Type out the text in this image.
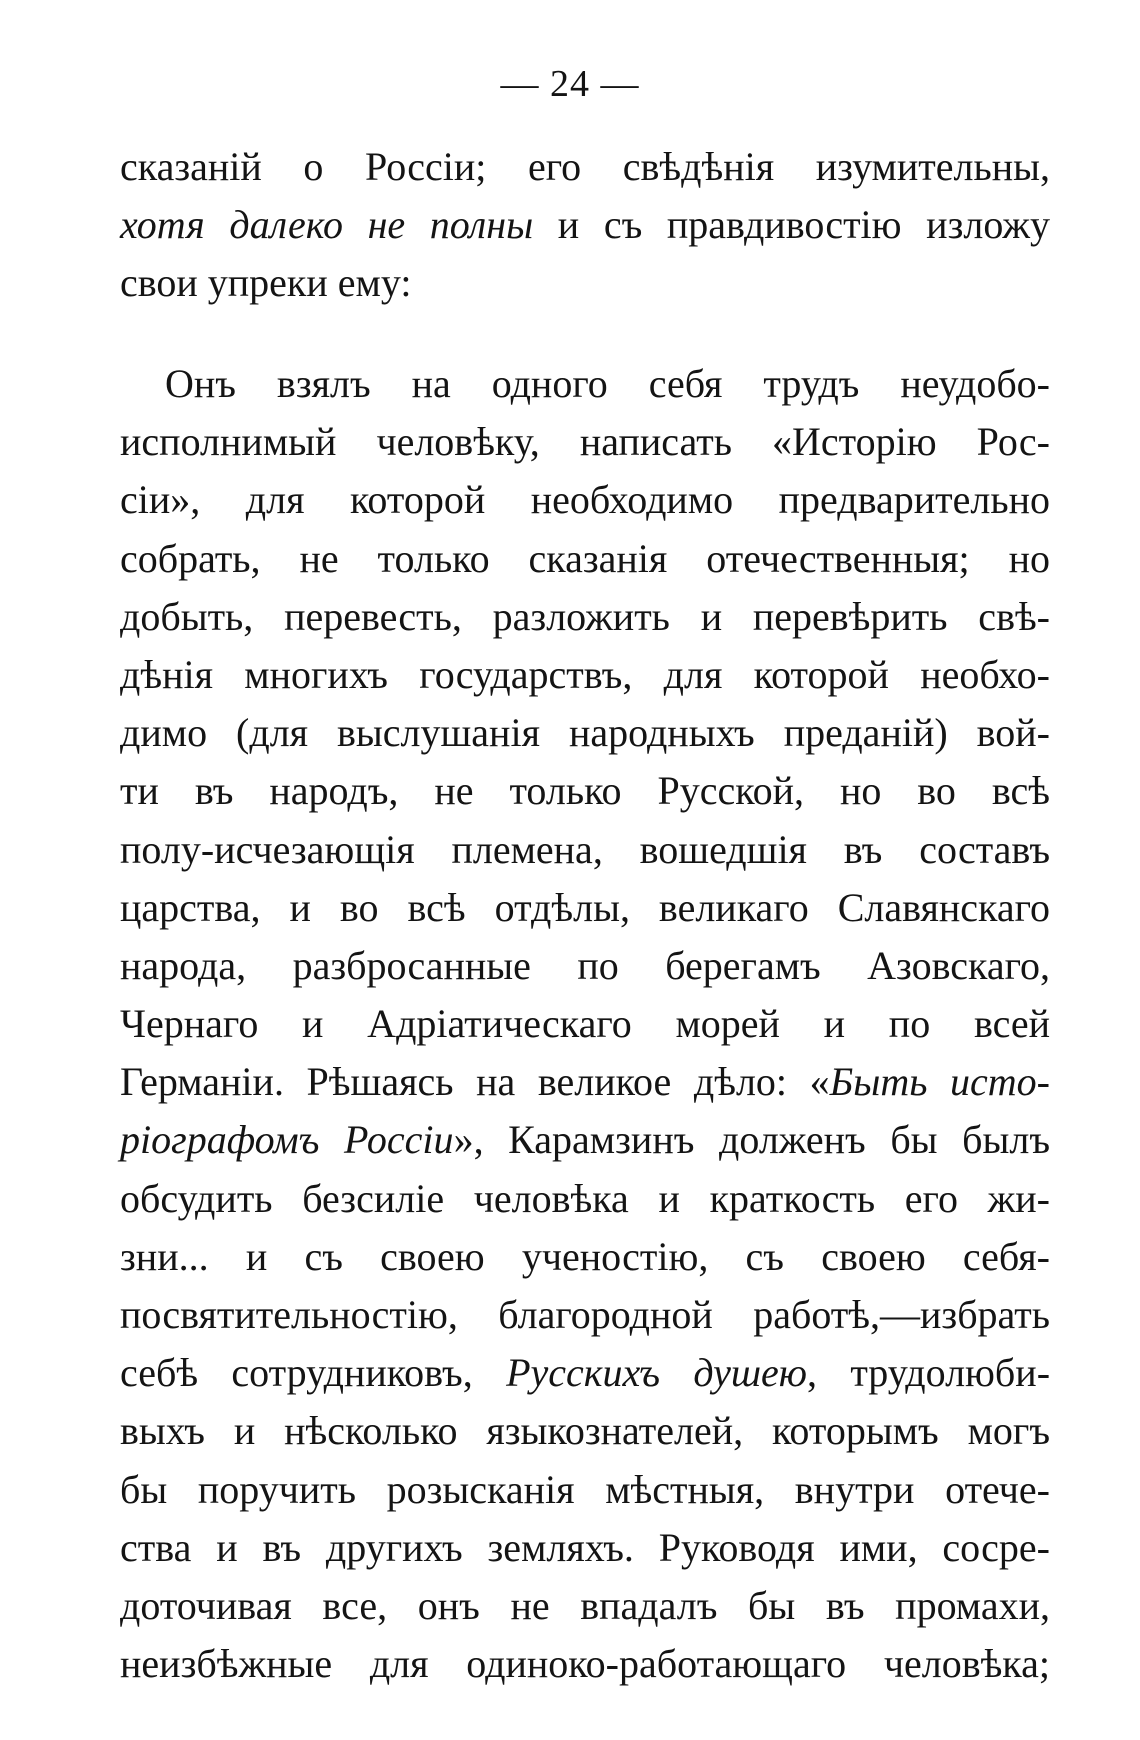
— 24 —
сказаній о Россіи; его свѣдѣнія изумительны,
хотя далеко не полны и съ правдивостію изложу
свои упреки ему:
Онъ взялъ на одного себя трудъ неудобо-
исполнимый человѣку, написать «Исторію Рос-
сіи», для которой необходимо предварительно
собрать, не только сказанія отечественныя; но
добыть, перевесть, разложить и перевѣрить свѣ-
дѣнія многихъ государствъ, для которой необхо-
димо (для выслушанія народныхъ преданій) вой-
ти въ народъ, не только Русской, но во всѣ
полу-исчезающія племена, вошедшія въ составъ
царства, и во всѣ отдѣлы, великаго Славянскаго
народа, разбросанные по берегамъ Азовскаго,
Чернаго и Адріатическаго морей и по всей
Германіи. Рѣшаясь на великое дѣло: «Быть исто-
ріографомъ Россіи», Карамзинъ долженъ бы былъ
обсудить безсиліе человѣка и краткость его жи-
зни... и съ своею ученостію, съ своею себя-
посвятительностію, благородной работѣ,—избрать
себѣ сотрудниковъ, Русскихъ душею, трудолюби-
выхъ и нѣсколько языкознателей, которымъ могъ
бы поручить розысканія мѣстныя, внутри отече-
ства и въ другихъ земляхъ. Руководя ими, сосре-
доточивая все, онъ не впадалъ бы въ промахи,
неизбѣжные для одиноко-работающаго человѣка;
